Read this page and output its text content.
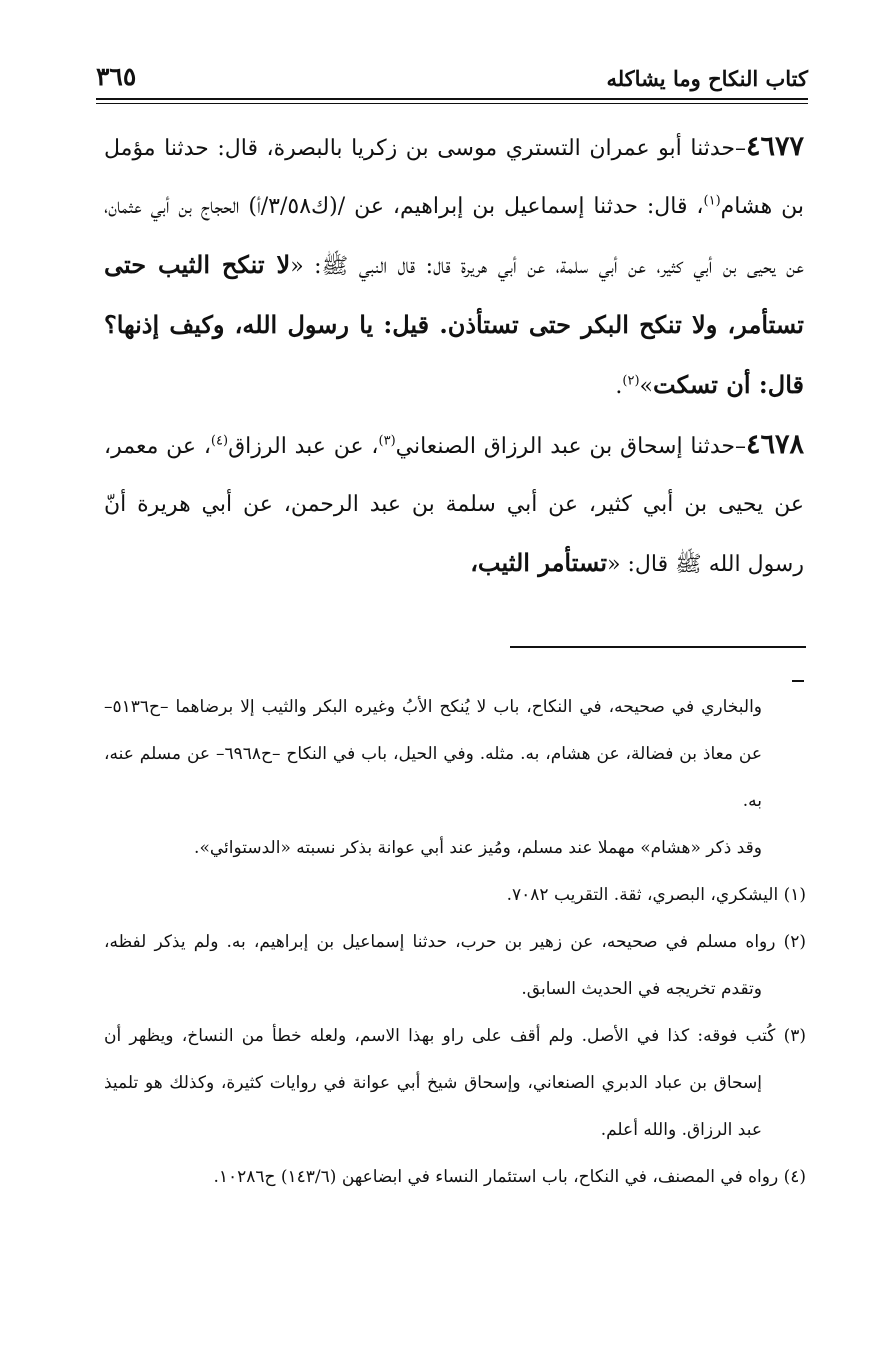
كتاب النكاح وما يشاكله
٣٦٥

٤٦٧٧–حدثنا أبو عمران التستري موسى بن زكريا بالبصرة، قال: حدثنا مؤمل بن هشام$^{(١)}$، قال: حدثنا إسماعيل بن إبراهيم، عن /(ك٣/٥٨/أ) الحجاج بن أبي عثمان، عن يحيى بن أبي كثير، عن أبي سلمة، عن أبي هريرة قال: قال النبي ﷺ: «لا تنكح الثيب حتى تستأمر، ولا تنكح البكر حتى تستأذن. قيل: يا رسول الله، وكيف إذنها؟ قال: أن تسكت»$^{(٢)}$.

٤٦٧٨–حدثنا إسحاق بن عبد الرزاق الصنعاني$^{(٣)}$، عن عبد الرزاق$^{(٤)}$، عن معمر، عن يحيى بن أبي كثير، عن أبي سلمة بن عبد الرحمن، عن أبي هريرة أنّ رسول الله ﷺ قال: «تستأمر الثيب،

والبخاري في صحيحه، في النكاح، باب لا يُنكح الأبُ وغيره البكر والثيب إلا برضاهما –ح٥١٣٦– عن معاذ بن فضالة، عن هشام، به. مثله. وفي الحيل، باب في النكاح –ح٦٩٦٨– عن مسلم عنه، به.

وقد ذكر «هشام» مهملا عند مسلم، ومُيز عند أبي عوانة بذكر نسبته «الدستوائي».

(١) اليشكري، البصري، ثقة. التقريب ٧٠٨٢.

(٢) رواه مسلم في صحيحه، عن زهير بن حرب، حدثنا إسماعيل بن إبراهيم، به. ولم يذكر لفظه، وتقدم تخريجه في الحديث السابق.

(٣) كُتب فوقه: كذا في الأصل. ولم أقف على راو بهذا الاسم، ولعله خطأ من النساخ، ويظهر أن إسحاق بن عباد الدبري الصنعاني، وإسحاق شيخ أبي عوانة في روايات كثيرة، وكذلك هو تلميذ عبد الرزاق. والله أعلم.

(٤) رواه في المصنف، في النكاح، باب استئمار النساء في ابضاعهن (١٤٣/٦) ح١٠٢٨٦.
